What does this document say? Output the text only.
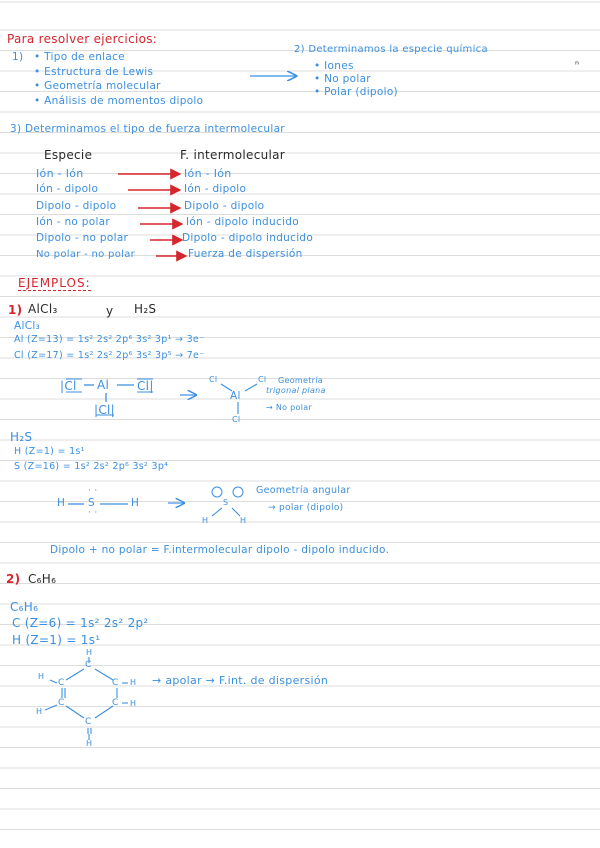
Para resolver ejercicios:
1) • Tipo de enlace
• Estructura de Lewis
• Geometría molecular
• Análisis de momentos dipolo
2) Determinamos la especie química
• Iones
• No polar
• Polar (dipolo)
ⁿ
3) Determinamos el tipo de fuerza intermolecular
Especie	F. intermolecular
Ión - Ión	Ión - Ión
Ión - dipolo	Ión - dipolo
Dipolo - dipolo	Dipolo - dipolo
Ión - no polar	Ión - dipolo inducido
Dipolo - no polar	Dipolo - dipolo inducido
No polar - no polar	Fuerza de dispersión
EJEMPLOS:
1) AlCl₃	y H₂S
AlCl₃
Al (Z=13) = 1s² 2s² 2p⁶ 3s² 3p¹ → 3e⁻
Cl (Z=17) = 1s² 2s² 2p⁶ 3s² 3p⁵ → 7e⁻
|Cl Al Cl|
|Cl|
Cl	Cl
Al
Cl
Geometría
trigonal plana
→ No polar
H₂S
H (Z=1) = 1s¹
S (Z=16) = 1s² 2s² 2p⁶ 3s² 3p⁴
H S	H
· ·
· ·
S
H	H
Geometría angular
→ polar (dipolo)
Dipolo + no polar = F.intermolecular dipolo - dipolo inducido.
2) C₆H₆
C₆H₆
C (Z=6) = 1s² 2s² 2p²
H (Z=1) = 1s¹
H
C
H
C	C H
C	C H
H
C
H
→ apolar → F.int. de dispersión
